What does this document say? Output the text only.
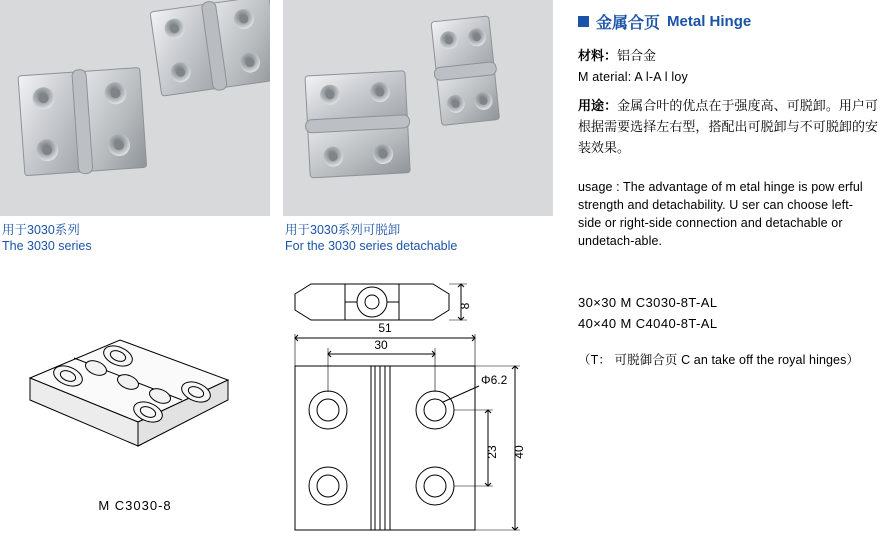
用于3030系列
The 3030 series
用于3030系列可脱卸
For the 3030 series detachable
M C3030-8
8
51
30
Φ6.2
23 40
金属合页 Metal Hinge
材料：铝合金
M aterial: A l-A l loy
用途：金属合叶的优点在于强度高、可脱卸。用户可根据需要选择左右型，搭配出可脱卸与不可脱卸的安装效果。
usage : The advantage of m etal hinge is pow erful strength and detachability. U ser can choose left-side or right-side connection and detachable or undetach-able.
30×30 M C3030-8T-AL
40×40 M C4040-8T-AL
（T： 可脱御合页 C an take off the royal hinges）
